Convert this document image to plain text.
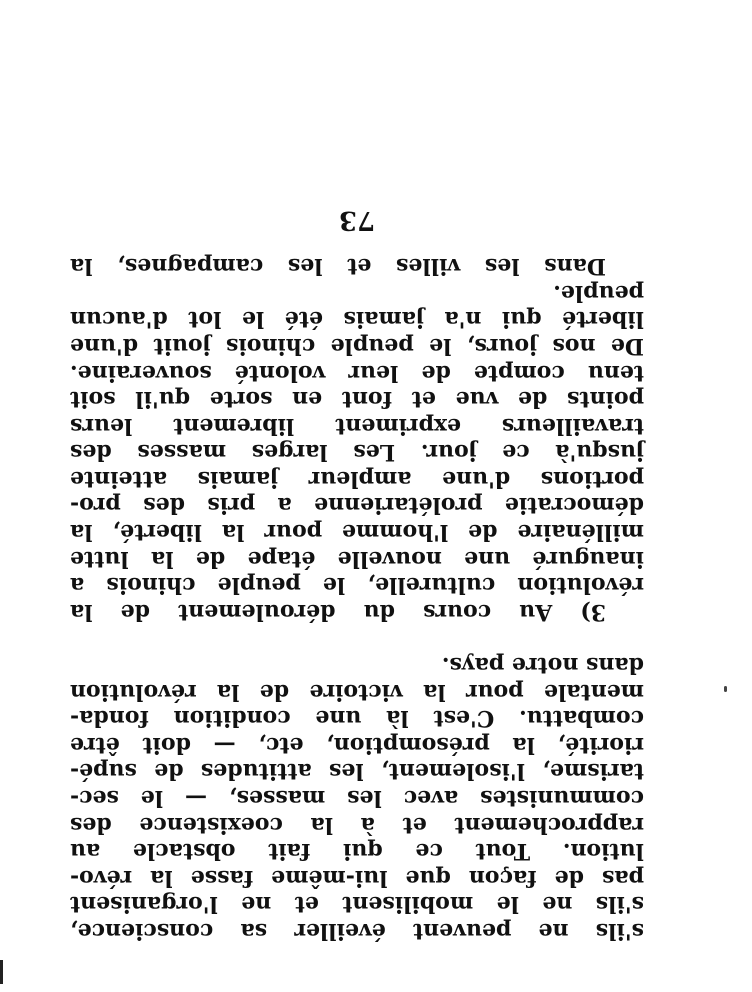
s'ils ne peuvent éveiller sa conscience,
s'ils ne le mobilisent et ne l'organisent
pas de façon que lui-même fasse la révo-
lution. Tout ce qui fait obstacle au
rapprochement et à la coexistence des
communistes avec les masses, — le sec-
tarisme, l'isolement, les attitudes de supé-
riorité, la présomption, etc, — doit être
combattu. C'est là une condition fonda-
mentale pour la victoire de la révolution
dans notre pays.
3) Au cours du déroulement de la
révolution culturelle, le peuple chinois a
inauguré une nouvelle étape de la lutte
millénaire de l'homme pour la liberté, la
démocratie prolétarienne a pris des pro-
portions d'une ampleur jamais atteinte
jusqu'à ce jour. Les larges masses des
travailleurs expriment librement leurs
points de vue et font en sorte qu'il soit
tenu compte de leur volonté souveraine.
De nos jours, le peuple chinois jouit d'une
liberté qui n'a jamais été le lot d'aucun
peuple.
Dans les villes et les campagnes, la
73
